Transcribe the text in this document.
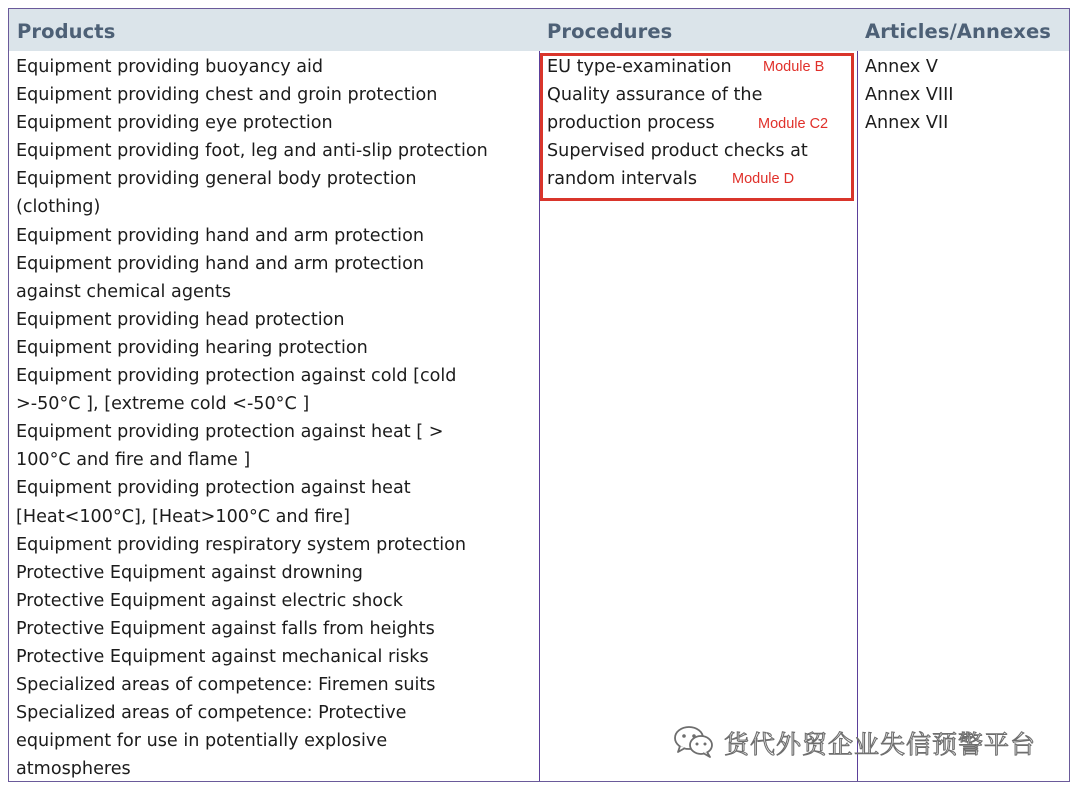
Products	Procedures	Articles/Annexes
Equipment providing buoyancy aid
Equipment providing chest and groin protection
Equipment providing eye protection
Equipment providing foot, leg and anti-slip protection
Equipment providing general body protection
(clothing)
Equipment providing hand and arm protection
Equipment providing hand and arm protection
against chemical agents
Equipment providing head protection
Equipment providing hearing protection
Equipment providing protection against cold [cold
>-50°C ], [extreme cold <-50°C ]
Equipment providing protection against heat [ >
100°C and fire and flame ]
Equipment providing protection against heat
[Heat<100°C], [Heat>100°C and fire]
Equipment providing respiratory system protection
Protective Equipment against drowning
Protective Equipment against electric shock
Protective Equipment against falls from heights
Protective Equipment against mechanical risks
Specialized areas of competence: Firemen suits
Specialized areas of competence: Protective
equipment for use in potentially explosive
atmospheres
EU type-examination
Quality assurance of the
production process
Supervised product checks at
random intervals
Module B
Module C2
Module D
Annex V
Annex VIII
Annex VII
货代外贸企业失信预警平台
